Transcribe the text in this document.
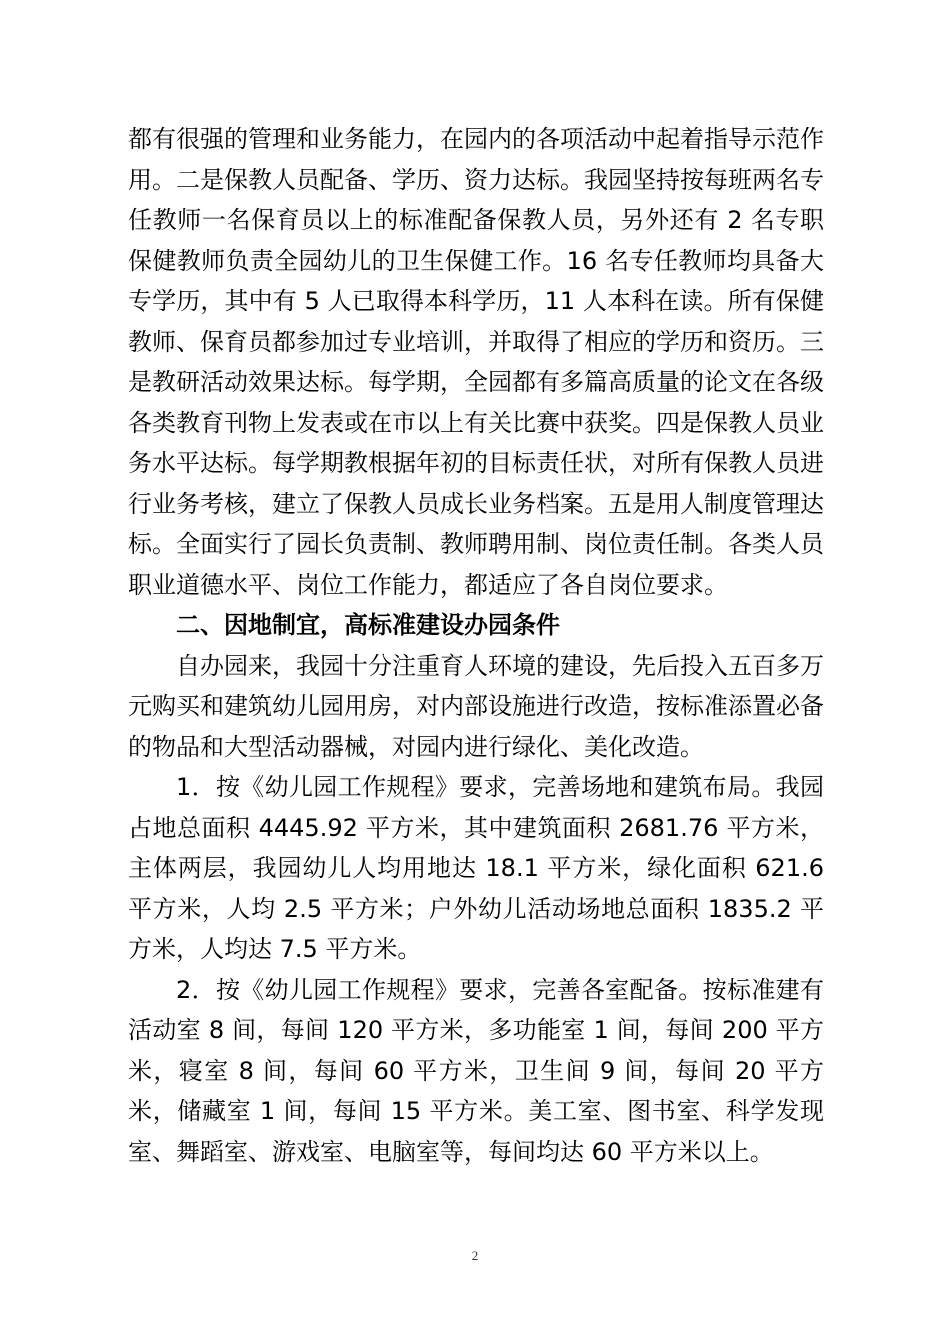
都有很强的管理和业务能力，在园内的各项活动中起着指导示范作用。二是保教人员配备、学历、资力达标。我园坚持按每班两名专任教师一名保育员以上的标准配备保教人员，另外还有 2 名专职保健教师负责全园幼儿的卫生保健工作。16 名专任教师均具备大专学历，其中有 5 人已取得本科学历，11 人本科在读。所有保健教师、保育员都参加过专业培训，并取得了相应的学历和资历。三是教研活动效果达标。每学期，全园都有多篇高质量的论文在各级各类教育刊物上发表或在市以上有关比赛中获奖。四是保教人员业务水平达标。每学期教根据年初的目标责任状，对所有保教人员进行业务考核，建立了保教人员成长业务档案。五是用人制度管理达标。全面实行了园长负责制、教师聘用制、岗位责任制。各类人员职业道德水平、岗位工作能力，都适应了各自岗位要求。

二、因地制宜，高标准建设办园条件

自办园来，我园十分注重育人环境的建设，先后投入五百多万元购买和建筑幼儿园用房，对内部设施进行改造，按标准添置必备的物品和大型活动器械，对园内进行绿化、美化改造。

1．按《幼儿园工作规程》要求，完善场地和建筑布局。我园占地总面积 4445.92 平方米，其中建筑面积 2681.76 平方米，主体两层，我园幼儿人均用地达 18.1 平方米，绿化面积 621.6平方米，人均 2.5 平方米；户外幼儿活动场地总面积 1835.2 平方米，人均达 7.5 平方米。

2．按《幼儿园工作规程》要求，完善各室配备。按标准建有活动室 8 间，每间 120 平方米，多功能室 1 间，每间 200 平方米，寝室 8 间，每间 60 平方米，卫生间 9 间，每间 20 平方米，储藏室 1 间，每间 15 平方米。美工室、图书室、科学发现室、舞蹈室、游戏室、电脑室等，每间均达 60 平方米以上。

2
